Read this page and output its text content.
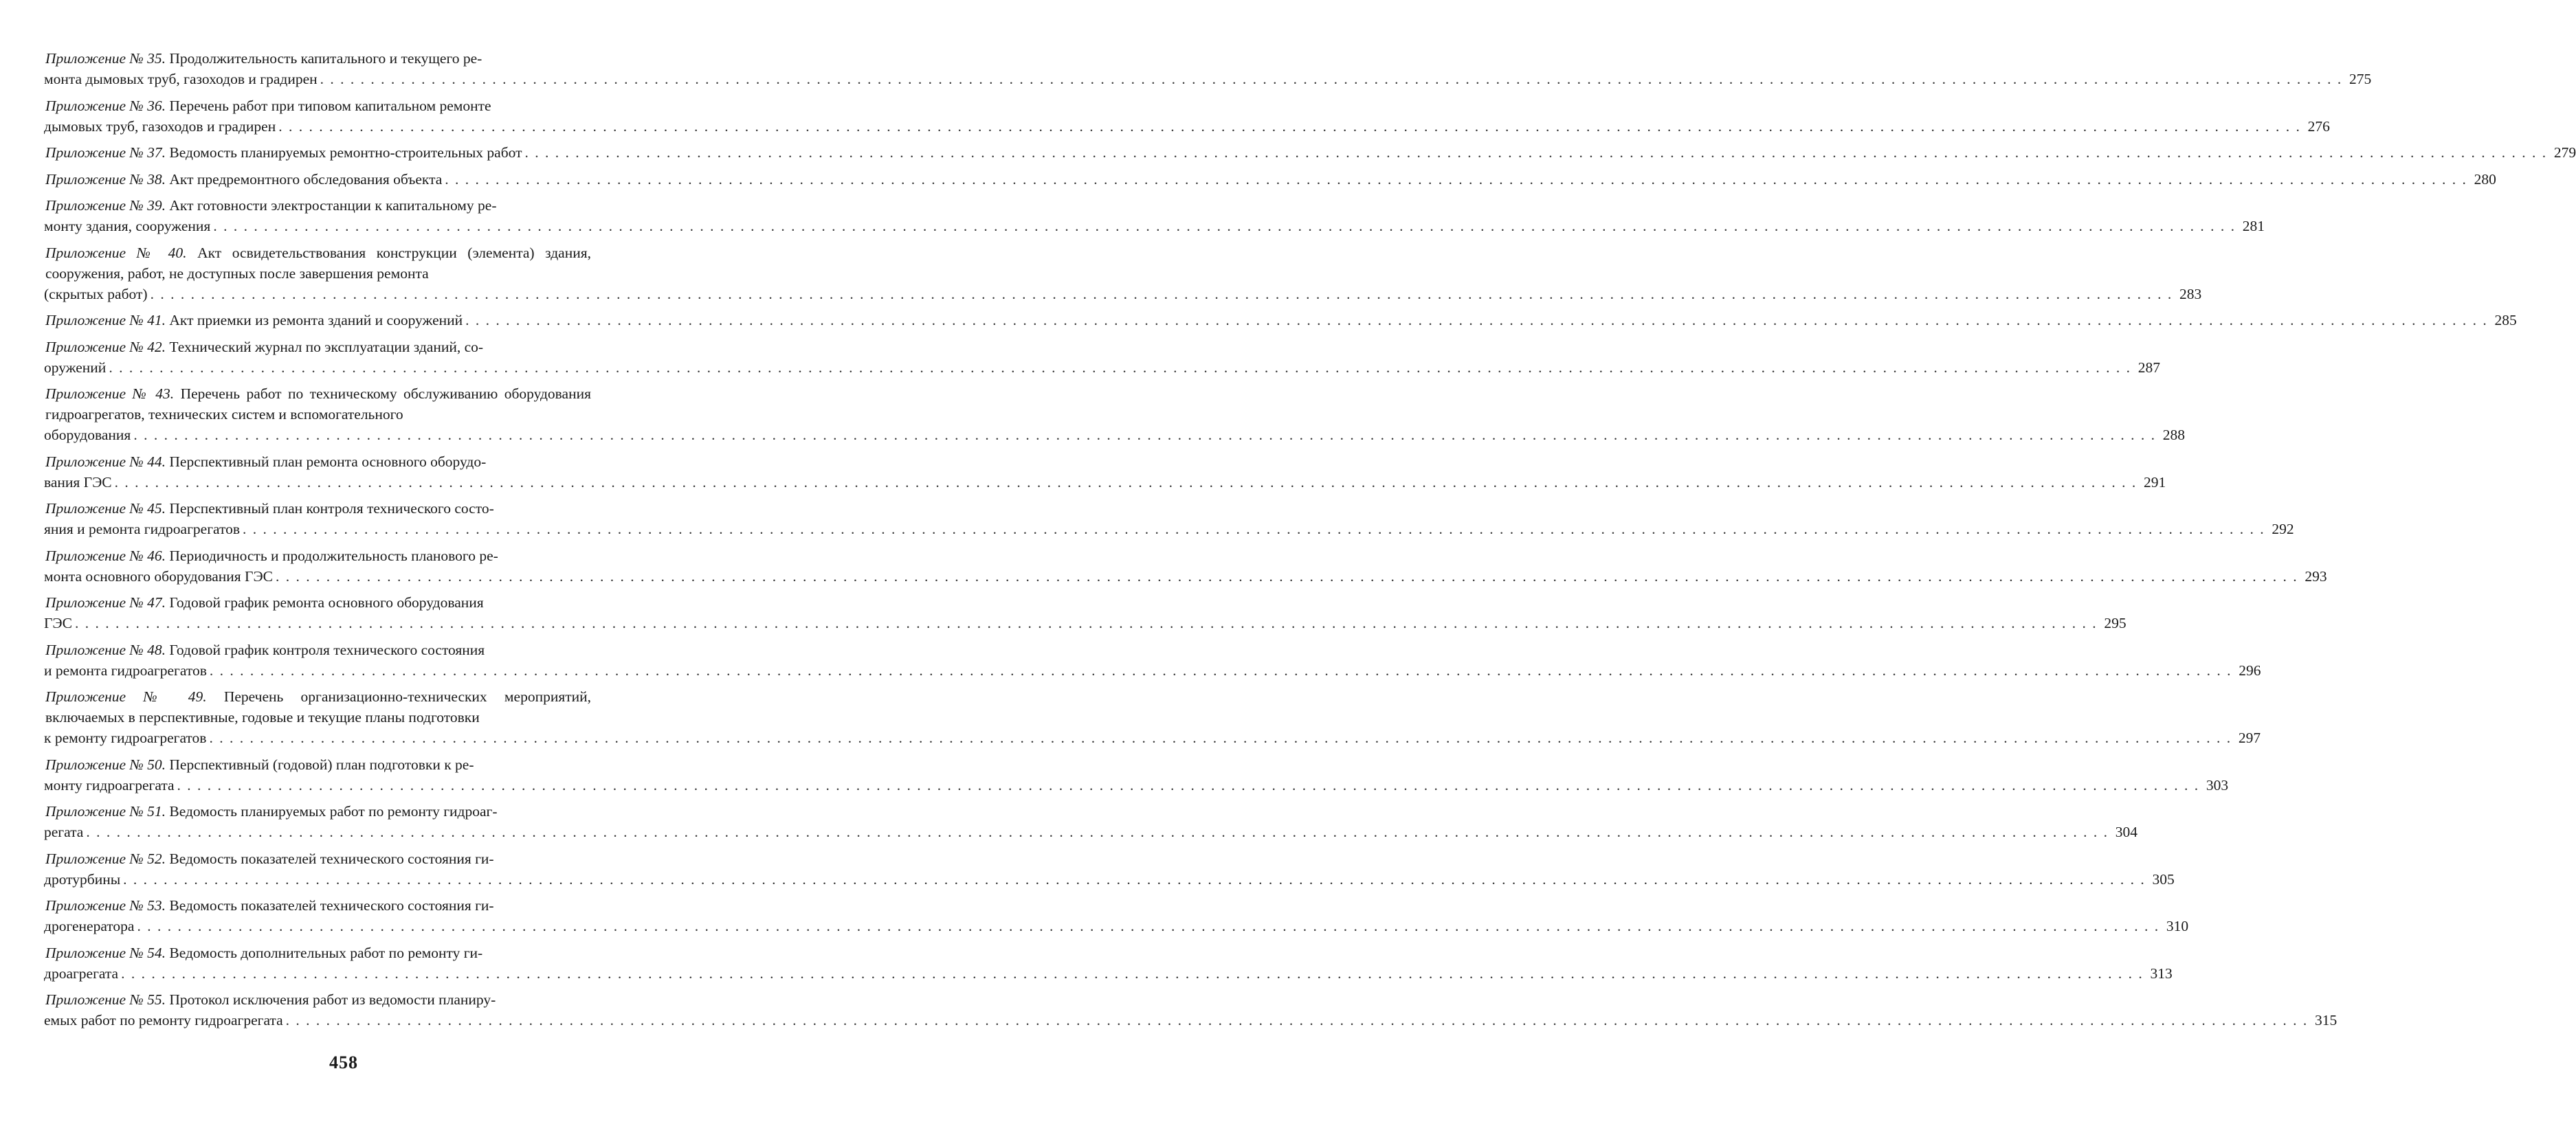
Приложение № 35. Продолжительность капитального и текущего ре-
монта дымовых труб, газоходов и градирен . . . . . . . . . . . . . . . . . . . . . . . . . . . . . . . . . . . . . . . . . . . . . . . . . . . . . . . . . . . . . . . . . . . . . . . . . . . . . . . . . . . . . . . . . . . . . . . . . . . . . . . . . . . . . . . . . . . . . . . . . . . . . . . . . . . . . . . . . . . . . . . . . . . . . . . . . . . . . . . . . . . . . . . . . . . . . . . . . . . . . . . . . . . . . . . . . . . . . . . . 275
Приложение № 36. Перечень работ при типовом капитальном ремонте
дымовых труб, газоходов и градирен . . . . . . . . . . . . . . . . . . . . . . . . . . . . . . . . . . . . . . . . . . . . . . . . . . . . . . . . . . . . . . . . . . . . . . . . . . . . . . . . . . . . . . . . . . . . . . . . . . . . . . . . . . . . . . . . . . . . . . . . . . . . . . . . . . . . . . . . . . . . . . . . . . . . . . . . . . . . . . . . . . . . . . . . . . . . . . . . . . . . . . . . . . . . . . . . . . . . . . . . 276
Приложение № 37. Ведомость планируемых ремонтно-строительных работ . . . . . . . . . . . . . . . . . . . . . . . . . . . . . . . . . . . . . . . . . . . . . . . . . . . . . . . . . . . . . . . . . . . . . . . . . . . . . . . . . . . . . . . . . . . . . . . . . . . . . . . . . . . . . . . . . . . . . . . . . . . . . . . . . . . . . . . . . . . . . . . . . . . . . . . . . . . . . . . . . . . . . . . . . . . . . . . . . . . . . . . . . . . . . . . . . . . . . . . . 279
Приложение № 38. Акт предремонтного обследования объекта . . . . . . . . . . . . . . . . . . . . . . . . . . . . . . . . . . . . . . . . . . . . . . . . . . . . . . . . . . . . . . . . . . . . . . . . . . . . . . . . . . . . . . . . . . . . . . . . . . . . . . . . . . . . . . . . . . . . . . . . . . . . . . . . . . . . . . . . . . . . . . . . . . . . . . . . . . . . . . . . . . . . . . . . . . . . . . . . . . . . . . . . . . . . . . . . . . . . . . . . 280
Приложение № 39. Акт готовности электростанции к капитальному ре-
монту здания, сооружения . . . . . . . . . . . . . . . . . . . . . . . . . . . . . . . . . . . . . . . . . . . . . . . . . . . . . . . . . . . . . . . . . . . . . . . . . . . . . . . . . . . . . . . . . . . . . . . . . . . . . . . . . . . . . . . . . . . . . . . . . . . . . . . . . . . . . . . . . . . . . . . . . . . . . . . . . . . . . . . . . . . . . . . . . . . . . . . . . . . . . . . . . . . . . . . . . . . . . . . . 281
Приложение № 40. Акт освидетельствования конструкции (элемента) здания, сооружения, работ, не доступных после завершения ремонта
(скрытых работ) . . . . . . . . . . . . . . . . . . . . . . . . . . . . . . . . . . . . . . . . . . . . . . . . . . . . . . . . . . . . . . . . . . . . . . . . . . . . . . . . . . . . . . . . . . . . . . . . . . . . . . . . . . . . . . . . . . . . . . . . . . . . . . . . . . . . . . . . . . . . . . . . . . . . . . . . . . . . . . . . . . . . . . . . . . . . . . . . . . . . . . . . . . . . . . . . . . . . . . . . 283
Приложение № 41. Акт приемки из ремонта зданий и сооружений . . . . . . . . . . . . . . . . . . . . . . . . . . . . . . . . . . . . . . . . . . . . . . . . . . . . . . . . . . . . . . . . . . . . . . . . . . . . . . . . . . . . . . . . . . . . . . . . . . . . . . . . . . . . . . . . . . . . . . . . . . . . . . . . . . . . . . . . . . . . . . . . . . . . . . . . . . . . . . . . . . . . . . . . . . . . . . . . . . . . . . . . . . . . . . . . . . . . . . . . 285
Приложение № 42. Технический журнал по эксплуатации зданий, со-
оружений . . . . . . . . . . . . . . . . . . . . . . . . . . . . . . . . . . . . . . . . . . . . . . . . . . . . . . . . . . . . . . . . . . . . . . . . . . . . . . . . . . . . . . . . . . . . . . . . . . . . . . . . . . . . . . . . . . . . . . . . . . . . . . . . . . . . . . . . . . . . . . . . . . . . . . . . . . . . . . . . . . . . . . . . . . . . . . . . . . . . . . . . . . . . . . . . . . . . . . . . 287
Приложение № 43. Перечень работ по техническому обслуживанию оборудования гидроагрегатов, технических систем и вспомогательного
оборудования . . . . . . . . . . . . . . . . . . . . . . . . . . . . . . . . . . . . . . . . . . . . . . . . . . . . . . . . . . . . . . . . . . . . . . . . . . . . . . . . . . . . . . . . . . . . . . . . . . . . . . . . . . . . . . . . . . . . . . . . . . . . . . . . . . . . . . . . . . . . . . . . . . . . . . . . . . . . . . . . . . . . . . . . . . . . . . . . . . . . . . . . . . . . . . . . . . . . . . . . 288
Приложение № 44. Перспективный план ремонта основного оборудо-
вания ГЭС . . . . . . . . . . . . . . . . . . . . . . . . . . . . . . . . . . . . . . . . . . . . . . . . . . . . . . . . . . . . . . . . . . . . . . . . . . . . . . . . . . . . . . . . . . . . . . . . . . . . . . . . . . . . . . . . . . . . . . . . . . . . . . . . . . . . . . . . . . . . . . . . . . . . . . . . . . . . . . . . . . . . . . . . . . . . . . . . . . . . . . . . . . . . . . . . . . . . . . . . 291
Приложение № 45. Перспективный план контроля технического состо-
яния и ремонта гидроагрегатов . . . . . . . . . . . . . . . . . . . . . . . . . . . . . . . . . . . . . . . . . . . . . . . . . . . . . . . . . . . . . . . . . . . . . . . . . . . . . . . . . . . . . . . . . . . . . . . . . . . . . . . . . . . . . . . . . . . . . . . . . . . . . . . . . . . . . . . . . . . . . . . . . . . . . . . . . . . . . . . . . . . . . . . . . . . . . . . . . . . . . . . . . . . . . . . . . . . . . . . . 292
Приложение № 46. Периодичность и продолжительность планового ре-
монта основного оборудования ГЭС . . . . . . . . . . . . . . . . . . . . . . . . . . . . . . . . . . . . . . . . . . . . . . . . . . . . . . . . . . . . . . . . . . . . . . . . . . . . . . . . . . . . . . . . . . . . . . . . . . . . . . . . . . . . . . . . . . . . . . . . . . . . . . . . . . . . . . . . . . . . . . . . . . . . . . . . . . . . . . . . . . . . . . . . . . . . . . . . . . . . . . . . . . . . . . . . . . . . . . . . 293
Приложение № 47. Годовой график ремонта основного оборудования
ГЭС . . . . . . . . . . . . . . . . . . . . . . . . . . . . . . . . . . . . . . . . . . . . . . . . . . . . . . . . . . . . . . . . . . . . . . . . . . . . . . . . . . . . . . . . . . . . . . . . . . . . . . . . . . . . . . . . . . . . . . . . . . . . . . . . . . . . . . . . . . . . . . . . . . . . . . . . . . . . . . . . . . . . . . . . . . . . . . . . . . . . . . . . . . . . . . . . . . . . . . . . 295
Приложение № 48. Годовой график контроля технического состояния
и ремонта гидроагрегатов . . . . . . . . . . . . . . . . . . . . . . . . . . . . . . . . . . . . . . . . . . . . . . . . . . . . . . . . . . . . . . . . . . . . . . . . . . . . . . . . . . . . . . . . . . . . . . . . . . . . . . . . . . . . . . . . . . . . . . . . . . . . . . . . . . . . . . . . . . . . . . . . . . . . . . . . . . . . . . . . . . . . . . . . . . . . . . . . . . . . . . . . . . . . . . . . . . . . . . . . 296
Приложение № 49. Перечень организационно-технических мероприятий, включаемых в перспективные, годовые и текущие планы подготовки
к ремонту гидроагрегатов . . . . . . . . . . . . . . . . . . . . . . . . . . . . . . . . . . . . . . . . . . . . . . . . . . . . . . . . . . . . . . . . . . . . . . . . . . . . . . . . . . . . . . . . . . . . . . . . . . . . . . . . . . . . . . . . . . . . . . . . . . . . . . . . . . . . . . . . . . . . . . . . . . . . . . . . . . . . . . . . . . . . . . . . . . . . . . . . . . . . . . . . . . . . . . . . . . . . . . . . 297
Приложение № 50. Перспективный (годовой) план подготовки к ре-
монту гидроагрегата . . . . . . . . . . . . . . . . . . . . . . . . . . . . . . . . . . . . . . . . . . . . . . . . . . . . . . . . . . . . . . . . . . . . . . . . . . . . . . . . . . . . . . . . . . . . . . . . . . . . . . . . . . . . . . . . . . . . . . . . . . . . . . . . . . . . . . . . . . . . . . . . . . . . . . . . . . . . . . . . . . . . . . . . . . . . . . . . . . . . . . . . . . . . . . . . . . . . . . . . 303
Приложение № 51. Ведомость планируемых работ по ремонту гидроаг-
регата . . . . . . . . . . . . . . . . . . . . . . . . . . . . . . . . . . . . . . . . . . . . . . . . . . . . . . . . . . . . . . . . . . . . . . . . . . . . . . . . . . . . . . . . . . . . . . . . . . . . . . . . . . . . . . . . . . . . . . . . . . . . . . . . . . . . . . . . . . . . . . . . . . . . . . . . . . . . . . . . . . . . . . . . . . . . . . . . . . . . . . . . . . . . . . . . . . . . . . . . 304
Приложение № 52. Ведомость показателей технического состояния ги-
дротурбины . . . . . . . . . . . . . . . . . . . . . . . . . . . . . . . . . . . . . . . . . . . . . . . . . . . . . . . . . . . . . . . . . . . . . . . . . . . . . . . . . . . . . . . . . . . . . . . . . . . . . . . . . . . . . . . . . . . . . . . . . . . . . . . . . . . . . . . . . . . . . . . . . . . . . . . . . . . . . . . . . . . . . . . . . . . . . . . . . . . . . . . . . . . . . . . . . . . . . . . . 305
Приложение № 53. Ведомость показателей технического состояния ги-
дрогенератора . . . . . . . . . . . . . . . . . . . . . . . . . . . . . . . . . . . . . . . . . . . . . . . . . . . . . . . . . . . . . . . . . . . . . . . . . . . . . . . . . . . . . . . . . . . . . . . . . . . . . . . . . . . . . . . . . . . . . . . . . . . . . . . . . . . . . . . . . . . . . . . . . . . . . . . . . . . . . . . . . . . . . . . . . . . . . . . . . . . . . . . . . . . . . . . . . . . . . . . . 310
Приложение № 54. Ведомость дополнительных работ по ремонту ги-
дроагрегата . . . . . . . . . . . . . . . . . . . . . . . . . . . . . . . . . . . . . . . . . . . . . . . . . . . . . . . . . . . . . . . . . . . . . . . . . . . . . . . . . . . . . . . . . . . . . . . . . . . . . . . . . . . . . . . . . . . . . . . . . . . . . . . . . . . . . . . . . . . . . . . . . . . . . . . . . . . . . . . . . . . . . . . . . . . . . . . . . . . . . . . . . . . . . . . . . . . . . . . . 313
Приложение № 55. Протокол исключения работ из ведомости планиру-
емых работ по ремонту гидроагрегата . . . . . . . . . . . . . . . . . . . . . . . . . . . . . . . . . . . . . . . . . . . . . . . . . . . . . . . . . . . . . . . . . . . . . . . . . . . . . . . . . . . . . . . . . . . . . . . . . . . . . . . . . . . . . . . . . . . . . . . . . . . . . . . . . . . . . . . . . . . . . . . . . . . . . . . . . . . . . . . . . . . . . . . . . . . . . . . . . . . . . . . . . . . . . . . . . . . . . . . . 315
458
